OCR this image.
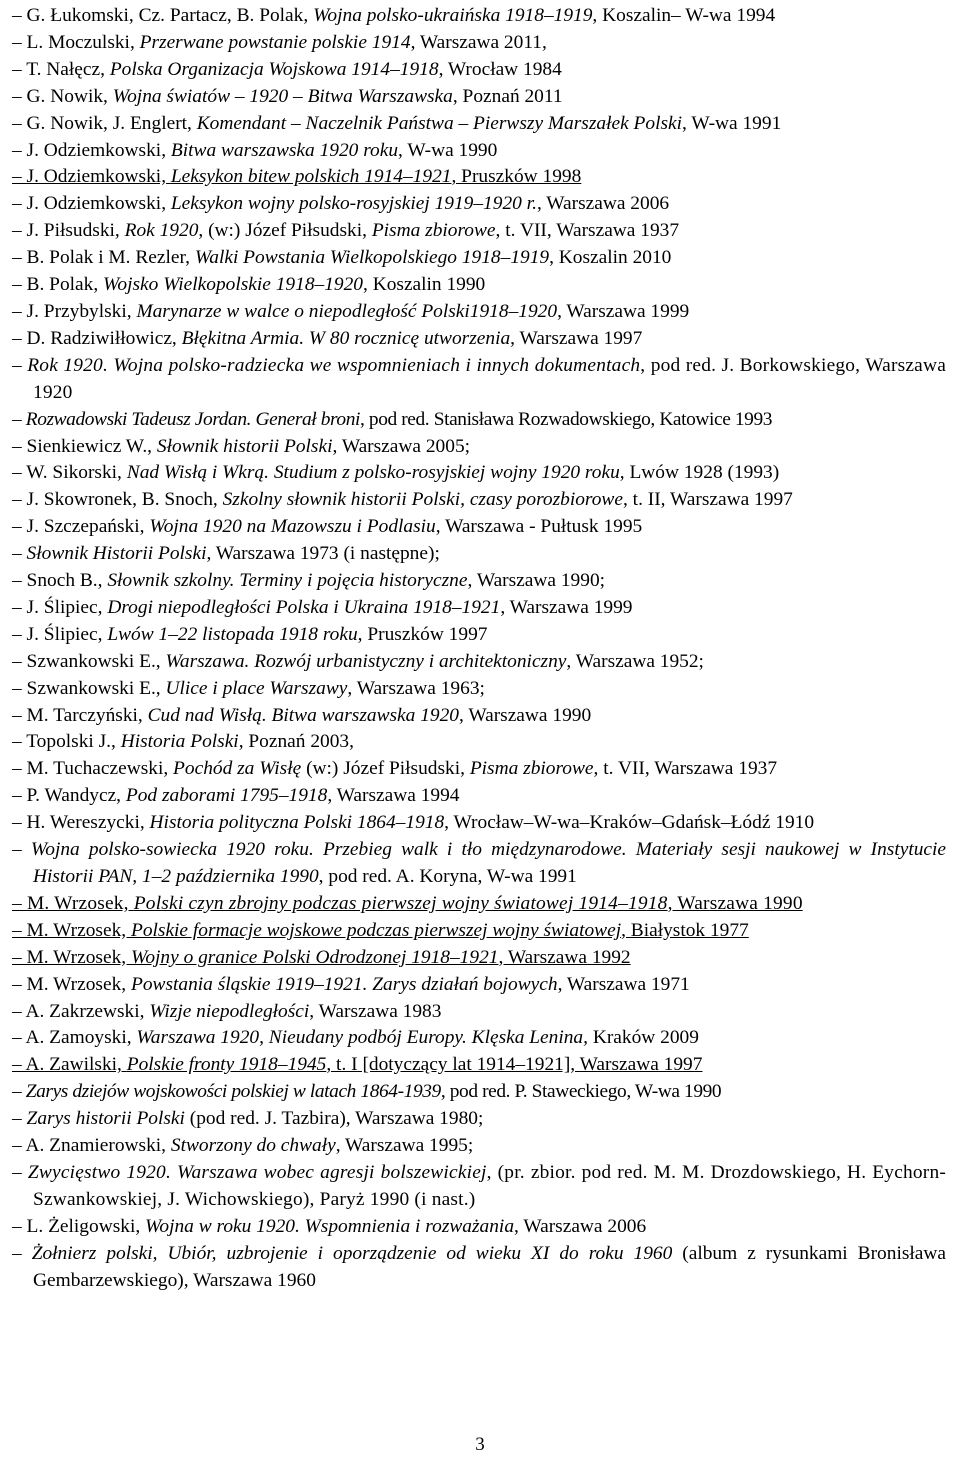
– G. Łukomski, Cz. Partacz, B. Polak, Wojna polsko-ukraińska 1918–1919, Koszalin– W-wa 1994
– L. Moczulski, Przerwane powstanie polskie 1914, Warszawa 2011,
– T. Nałęcz, Polska Organizacja Wojskowa 1914–1918, Wrocław 1984
– G. Nowik, Wojna światów – 1920 – Bitwa Warszawska, Poznań 2011
– G. Nowik, J. Englert, Komendant – Naczelnik Państwa – Pierwszy Marszałek Polski, W-wa 1991
– J. Odziemkowski, Bitwa warszawska 1920 roku, W-wa 1990
– J. Odziemkowski, Leksykon bitew polskich 1914–1921, Pruszków 1998
– J. Odziemkowski, Leksykon wojny polsko-rosyjskiej 1919–1920 r., Warszawa 2006
– J. Piłsudski, Rok 1920, (w:) Józef Piłsudski, Pisma zbiorowe, t. VII, Warszawa 1937
– B. Polak i M. Rezler, Walki Powstania Wielkopolskiego 1918–1919, Koszalin 2010
– B. Polak, Wojsko Wielkopolskie 1918–1920, Koszalin 1990
– J. Przybylski, Marynarze w walce o niepodległość Polski1918–1920, Warszawa 1999
– D. Radziwiłłowicz, Błękitna Armia. W 80 rocznicę utworzenia, Warszawa 1997
– Rok 1920. Wojna polsko-radziecka we wspomnieniach i innych dokumentach, pod red. J. Borkowskiego, Warszawa 1920
– Rozwadowski Tadeusz Jordan. Generał broni, pod red. Stanisława Rozwadowskiego, Katowice 1993
– Sienkiewicz W., Słownik historii Polski, Warszawa 2005;
– W. Sikorski, Nad Wisłą i Wkrą. Studium z polsko-rosyjskiej wojny 1920 roku, Lwów 1928 (1993)
– J. Skowronek, B. Snoch, Szkolny słownik historii Polski, czasy porozbiorowe, t. II, Warszawa 1997
– J. Szczepański, Wojna 1920 na Mazowszu i Podlasiu, Warszawa - Pułtusk 1995
– Słownik Historii Polski, Warszawa 1973 (i następne);
– Snoch B., Słownik szkolny. Terminy i pojęcia historyczne, Warszawa 1990;
– J. Ślipiec, Drogi niepodległości Polska i Ukraina 1918–1921, Warszawa 1999
– J. Ślipiec, Lwów 1–22 listopada 1918 roku, Pruszków 1997
– Szwankowski E., Warszawa. Rozwój urbanistyczny i architektoniczny, Warszawa 1952;
– Szwankowski E., Ulice i place Warszawy, Warszawa 1963;
– M. Tarczyński, Cud nad Wisłą. Bitwa warszawska 1920, Warszawa 1990
– Topolski J., Historia Polski, Poznań 2003,
– M. Tuchaczewski, Pochód za Wisłę (w:) Józef Piłsudski, Pisma zbiorowe, t. VII, Warszawa 1937
– P. Wandycz, Pod zaborami 1795–1918, Warszawa 1994
– H. Wereszycki, Historia polityczna Polski 1864–1918, Wrocław–W-wa–Kraków–Gdańsk–Łódź 1910
– Wojna polsko-sowiecka 1920 roku. Przebieg walk i tło międzynarodowe. Materiały sesji naukowej w Instytucie Historii PAN, 1–2 października 1990, pod red. A. Koryna, W-wa 1991
– M. Wrzosek, Polski czyn zbrojny podczas pierwszej wojny światowej 1914–1918, Warszawa 1990
– M. Wrzosek, Polskie formacje wojskowe podczas pierwszej wojny światowej, Białystok 1977
– M. Wrzosek, Wojny o granice Polski Odrodzonej 1918–1921, Warszawa 1992
– M. Wrzosek, Powstania śląskie 1919–1921. Zarys działań bojowych, Warszawa 1971
– A. Zakrzewski, Wizje niepodległości, Warszawa 1983
– A. Zamoyski, Warszawa 1920, Nieudany podbój Europy. Klęska Lenina, Kraków 2009
– A. Zawilski, Polskie fronty 1918–1945, t. I [dotyczący lat 1914–1921], Warszawa 1997
– Zarys dziejów wojskowości polskiej w latach 1864-1939, pod red. P. Staweckiego, W-wa 1990
– Zarys historii Polski (pod red. J. Tazbira), Warszawa 1980;
– A. Znamierowski, Stworzony do chwały, Warszawa 1995;
– Zwycięstwo 1920. Warszawa wobec agresji bolszewickiej, (pr. zbior. pod red. M. M. Drozdowskiego, H. Eychorn-Szwankowskiej, J. Wichowskiego), Paryż 1990 (i nast.)
– L. Żeligowski, Wojna w roku 1920. Wspomnienia i rozważania, Warszawa 2006
– Żołnierz polski, Ubiór, uzbrojenie i oporządzenie od wieku XI do roku 1960 (album z rysunkami Bronisława Gembarzewskiego), Warszawa 1960
3
